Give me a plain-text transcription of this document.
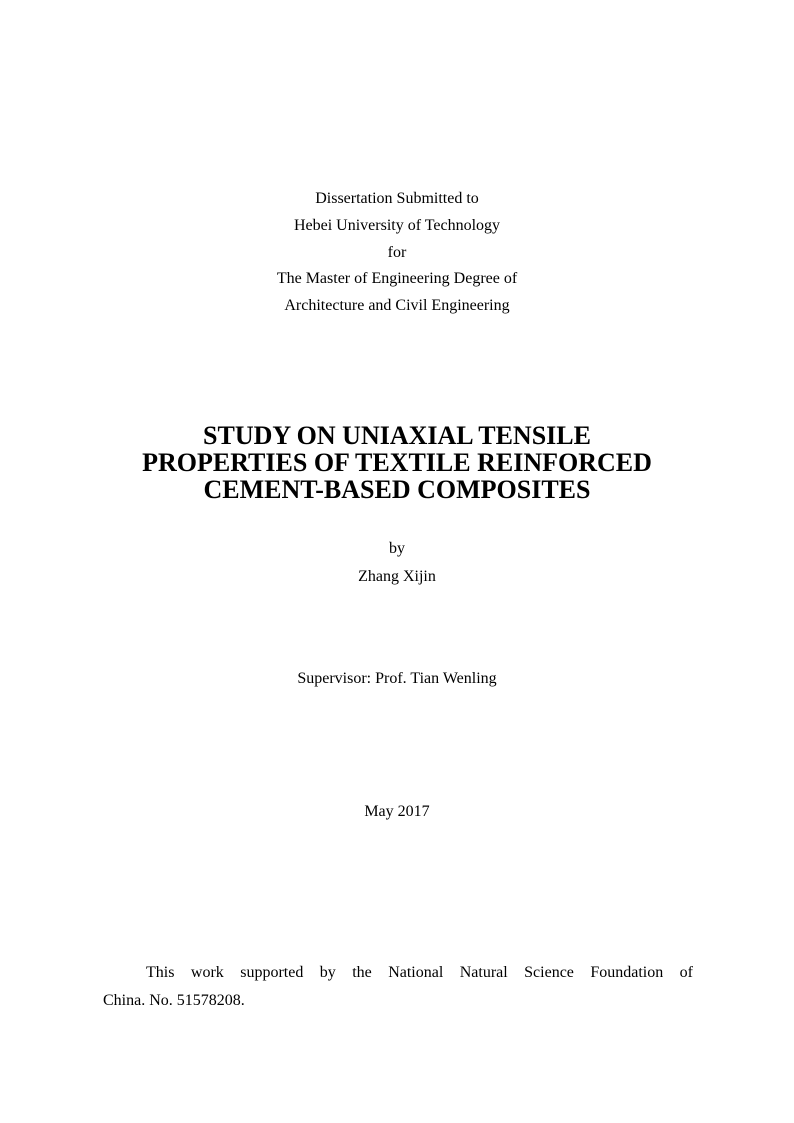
Dissertation Submitted to
Hebei University of Technology
for
The Master of Engineering Degree of
Architecture and Civil Engineering
STUDY ON UNIAXIAL TENSILE
PROPERTIES OF TEXTILE REINFORCED
CEMENT-BASED COMPOSITES
by
Zhang Xijin
Supervisor: Prof. Tian Wenling
May 2017
This work supported by the National Natural Science Foundation of
China. No. 51578208.
